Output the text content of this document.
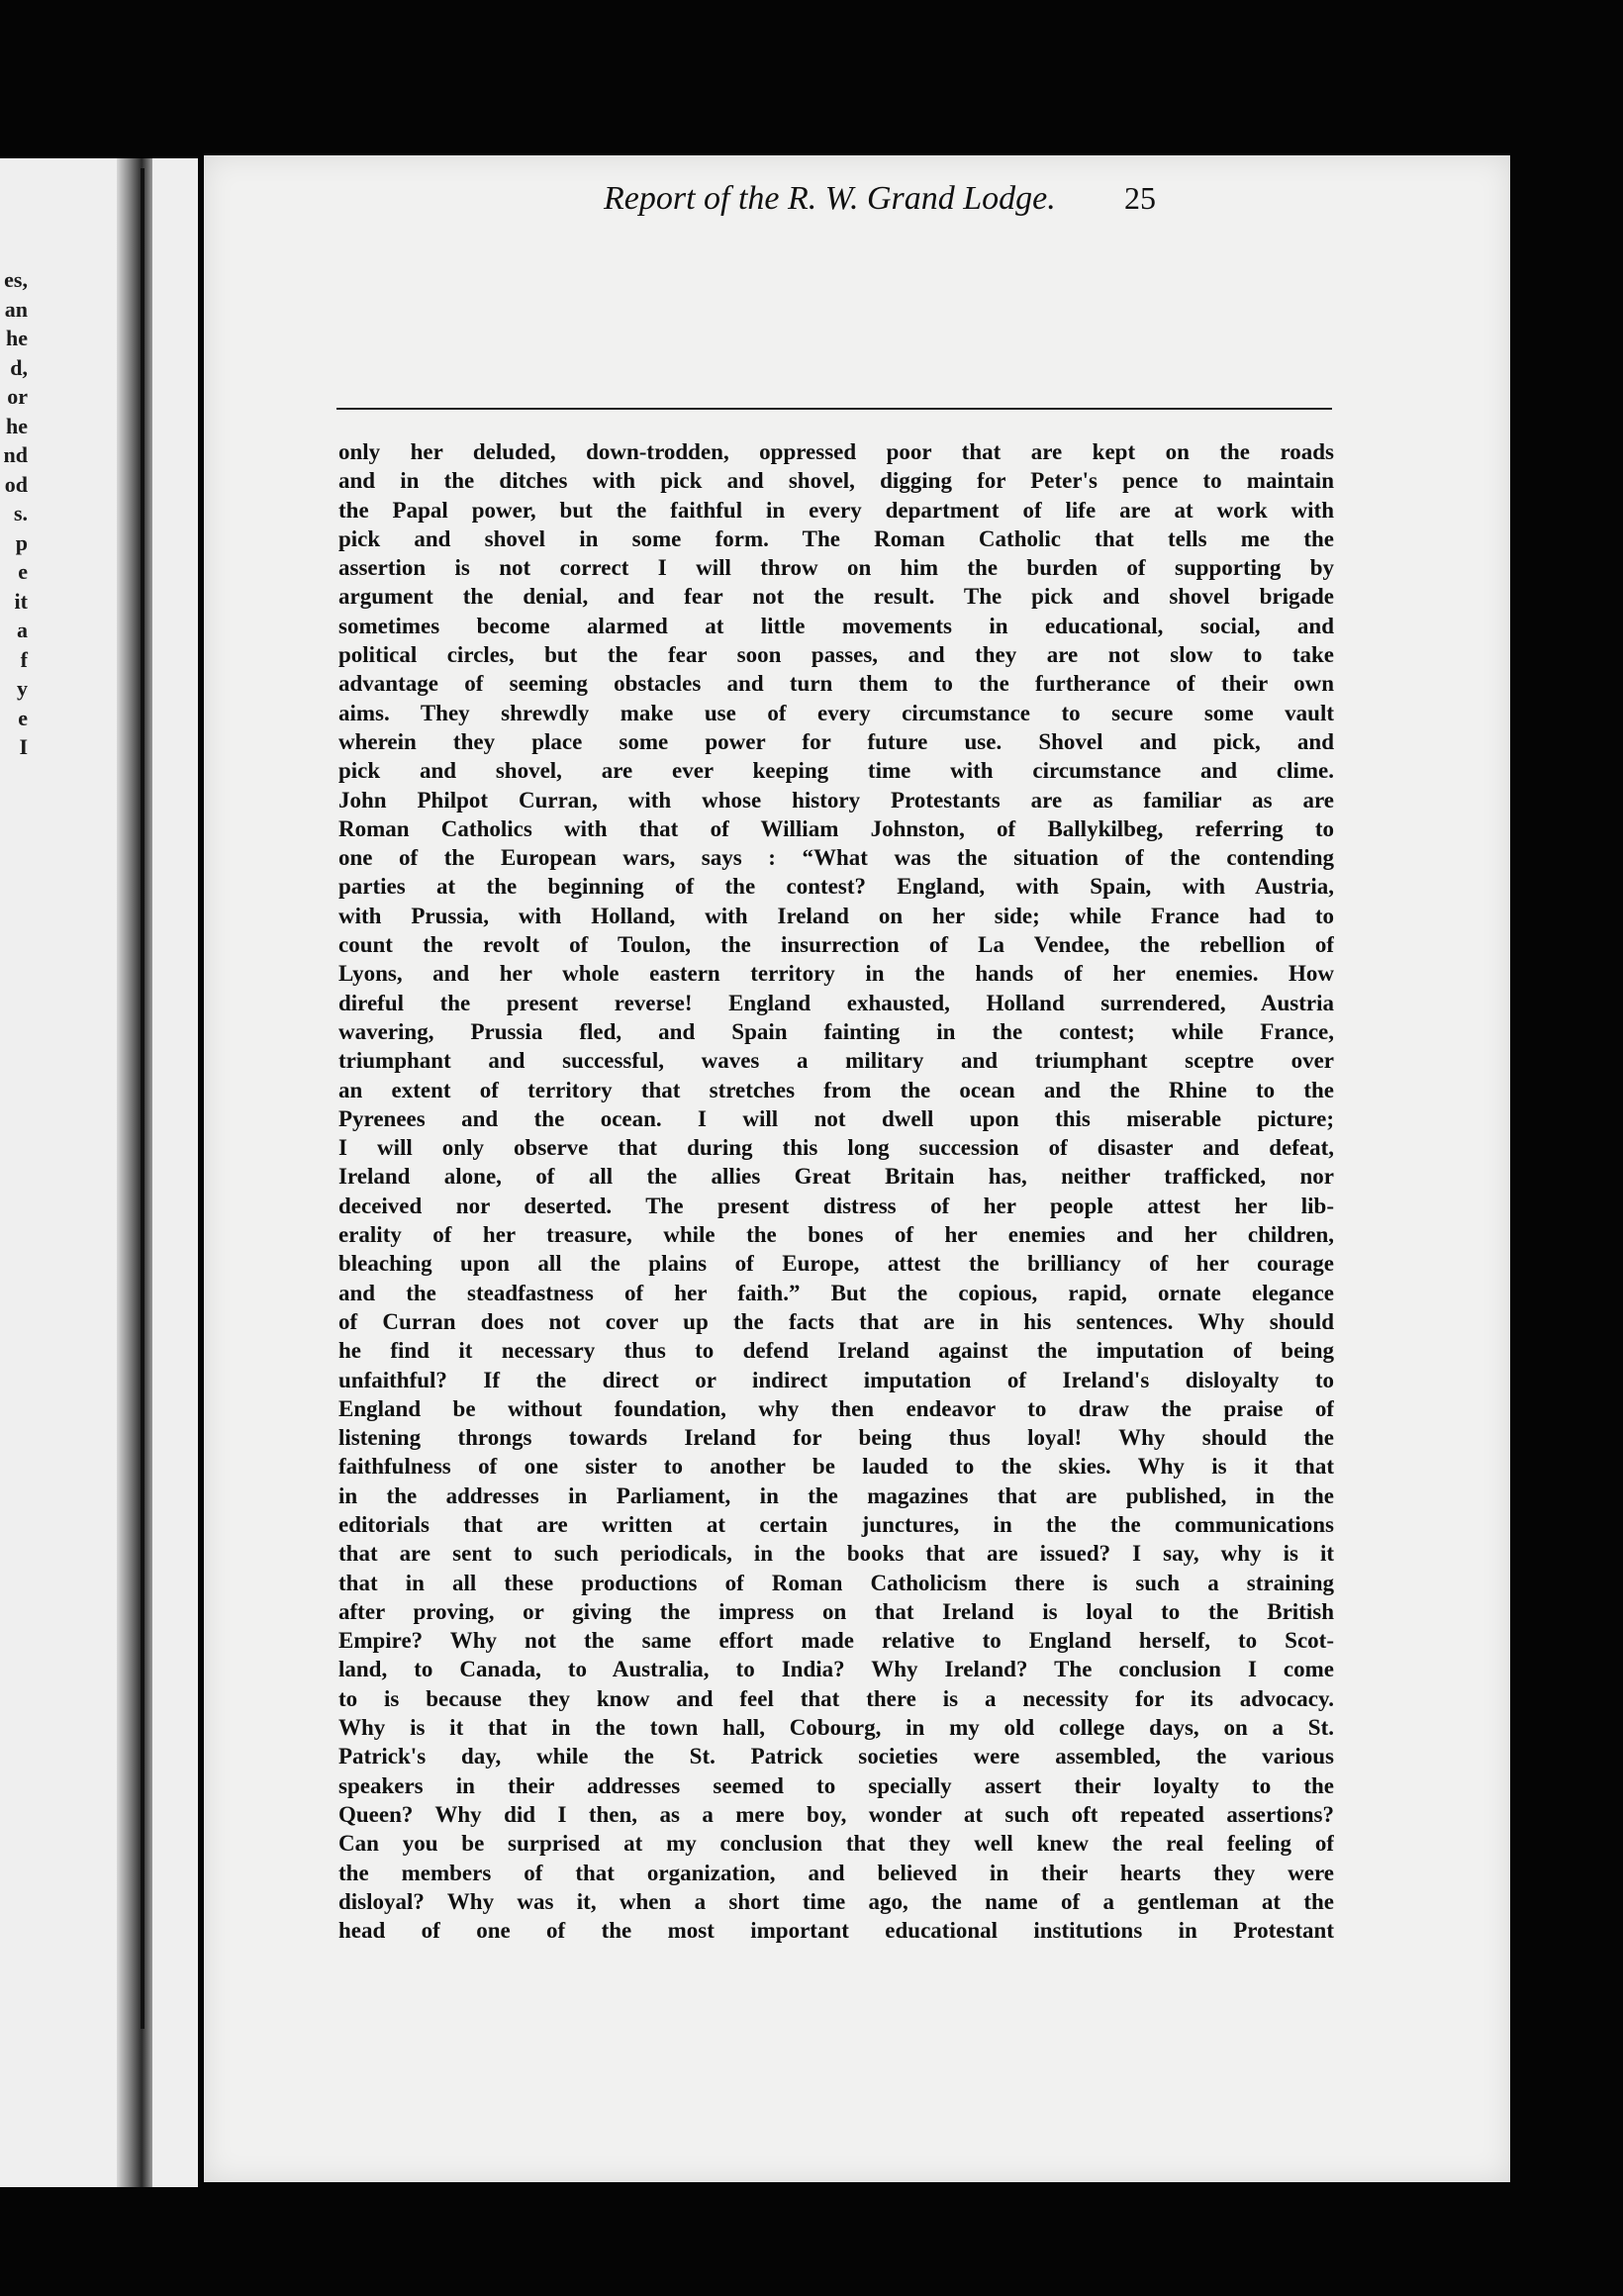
es,
an
he
d,
or
he
nd
od
s.
p
e
it
a
f
y
e
I
Report of the R. W. Grand Lodge. 25
only her deluded, down-trodden, oppressed poor that are kept on the roads
and in the ditches with pick and shovel, digging for Peter's pence to maintain
the Papal power, but the faithful in every department of life are at work with
pick and shovel in some form. The Roman Catholic that tells me the
assertion is not correct I will throw on him the burden of supporting by
argument the denial, and fear not the result. The pick and shovel brigade
sometimes become alarmed at little movements in educational, social, and
political circles, but the fear soon passes, and they are not slow to take
advantage of seeming obstacles and turn them to the furtherance of their own
aims. They shrewdly make use of every circumstance to secure some vault
wherein they place some power for future use. Shovel and pick, and
pick and shovel, are ever keeping time with circumstance and clime.
John Philpot Curran, with whose history Protestants are as familiar as are
Roman Catholics with that of William Johnston, of Ballykilbeg, referring to
one of the European wars, says : “What was the situation of the contending
parties at the beginning of the contest? England, with Spain, with Austria,
with Prussia, with Holland, with Ireland on her side; while France had to
count the revolt of Toulon, the insurrection of La Vendee, the rebellion of
Lyons, and her whole eastern territory in the hands of her enemies. How
direful the present reverse! England exhausted, Holland surrendered, Austria
wavering, Prussia fled, and Spain fainting in the contest; while France,
triumphant and successful, waves a military and triumphant sceptre over
an extent of territory that stretches from the ocean and the Rhine to the
Pyrenees and the ocean. I will not dwell upon this miserable picture;
I will only observe that during this long succession of disaster and defeat,
Ireland alone, of all the allies Great Britain has, neither trafficked, nor
deceived nor deserted. The present distress of her people attest her lib-
erality of her treasure, while the bones of her enemies and her children,
bleaching upon all the plains of Europe, attest the brilliancy of her courage
and the steadfastness of her faith.” But the copious, rapid, ornate elegance
of Curran does not cover up the facts that are in his sentences. Why should
he find it necessary thus to defend Ireland against the imputation of being
unfaithful? If the direct or indirect imputation of Ireland's disloyalty to
England be without foundation, why then endeavor to draw the praise of
listening throngs towards Ireland for being thus loyal! Why should the
faithfulness of one sister to another be lauded to the skies. Why is it that
in the addresses in Parliament, in the magazines that are published, in the
editorials that are written at certain junctures, in the the communications
that are sent to such periodicals, in the books that are issued? I say, why is it
that in all these productions of Roman Catholicism there is such a straining
after proving, or giving the impress on that Ireland is loyal to the British
Empire? Why not the same effort made relative to England herself, to Scot-
land, to Canada, to Australia, to India? Why Ireland? The conclusion I come
to is because they know and feel that there is a necessity for its advocacy.
Why is it that in the town hall, Cobourg, in my old college days, on a St.
Patrick's day, while the St. Patrick societies were assembled, the various
speakers in their addresses seemed to specially assert their loyalty to the
Queen? Why did I then, as a mere boy, wonder at such oft repeated assertions?
Can you be surprised at my conclusion that they well knew the real feeling of
the members of that organization, and believed in their hearts they were
disloyal? Why was it, when a short time ago, the name of a gentleman at the
head of one of the most important educational institutions in Protestant
